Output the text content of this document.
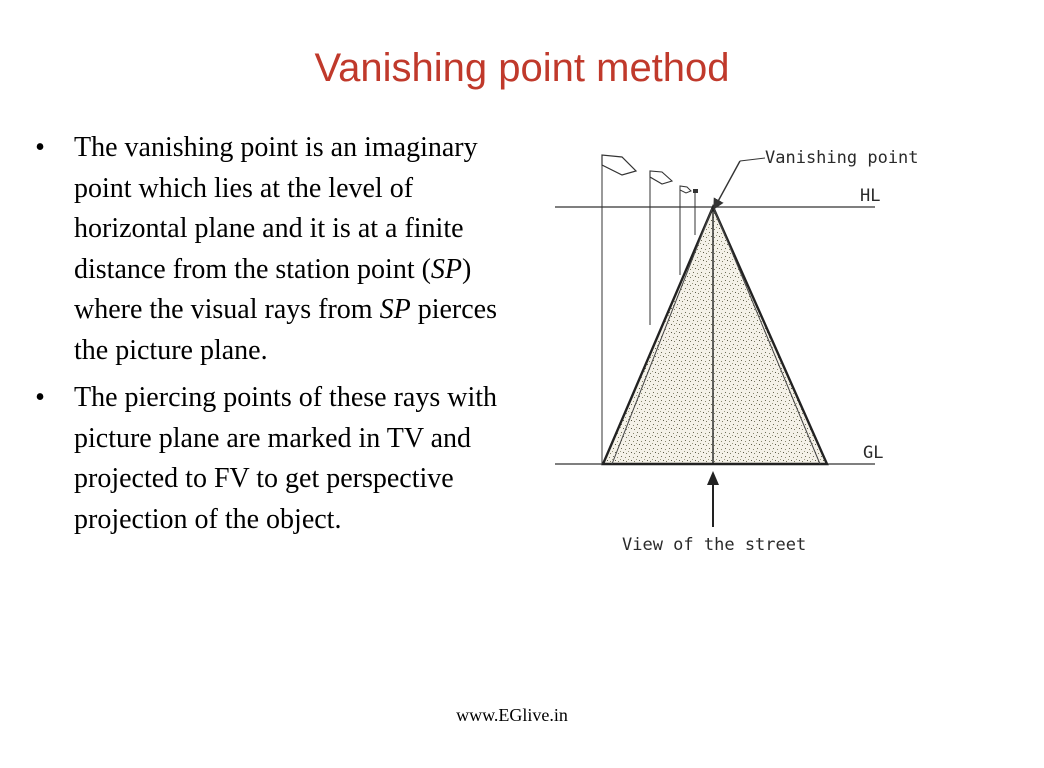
Vanishing point method
• The vanishing point is an imaginary point which lies at the level of horizontal plane and it is at a finite distance from the station point (SP) where the visual rays from SP pierces the picture plane.
• The piercing points of these rays with picture plane are marked in TV and projected to FV to get perspective projection of the object.
Vanishing point
HL
GL
View of the street
www.EGlive.in
